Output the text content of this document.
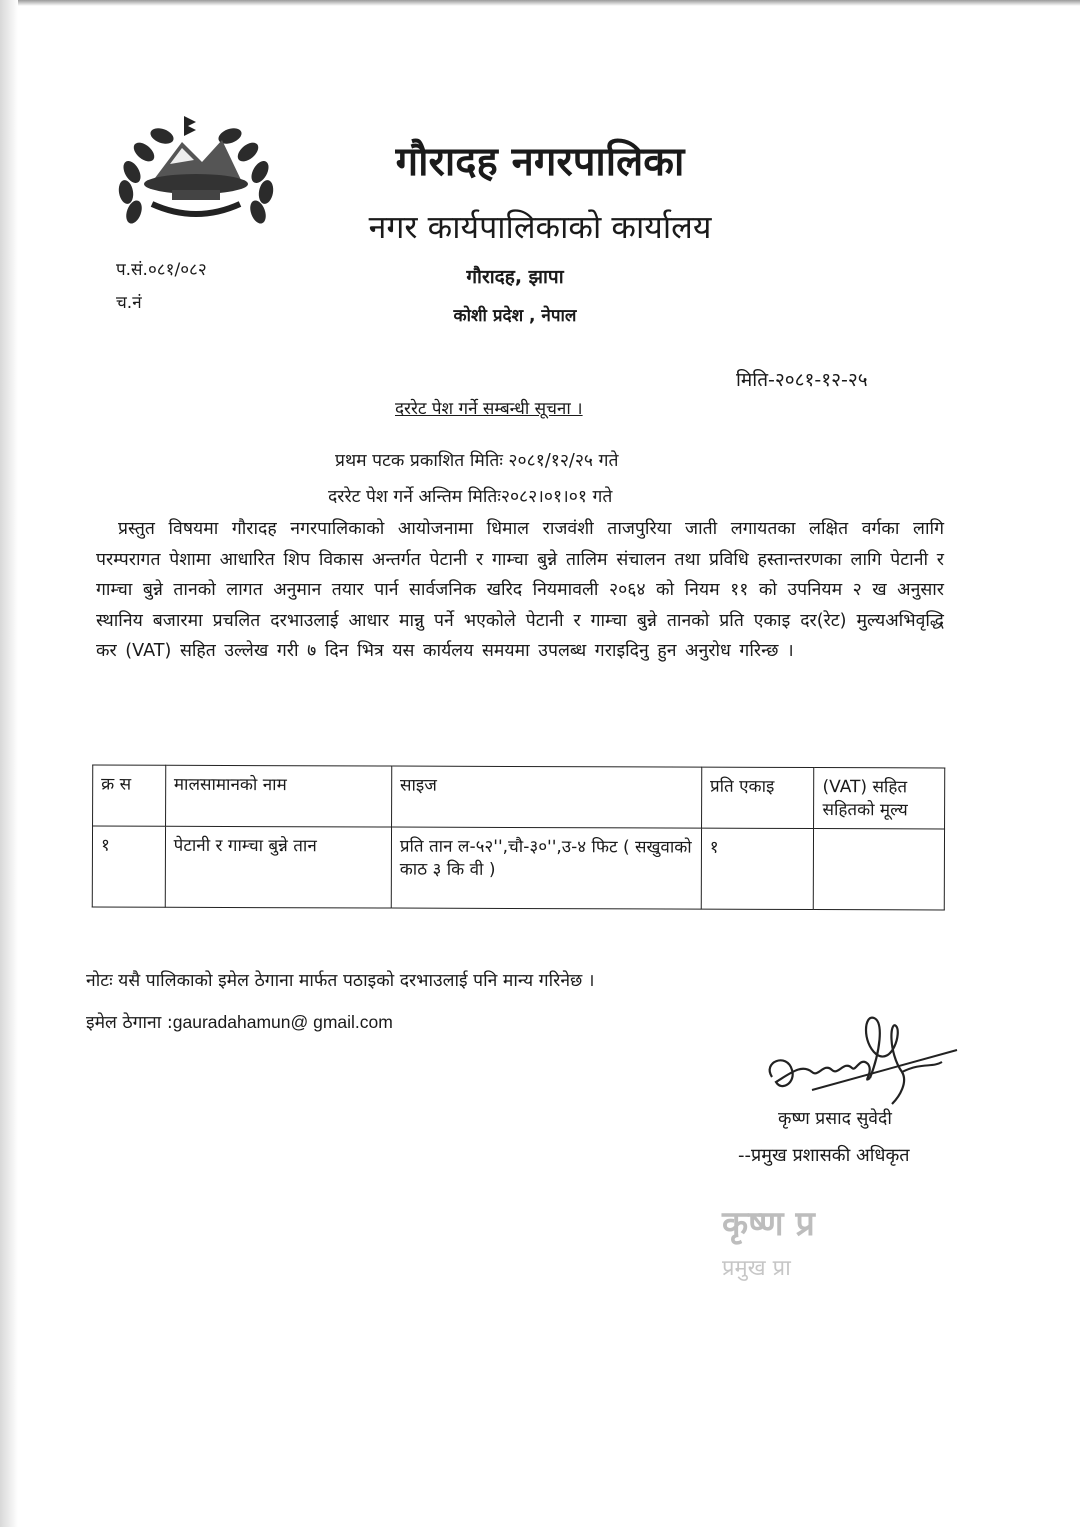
गौरादह नगरपालिका
नगर कार्यपालिकाको कार्यालय
गौरादह, झापा
कोशी प्रदेश , नेपाल
प.सं.०८१/०८२
च.नं
मिति-२०८१-१२-२५
दररेट पेश गर्ने सम्बन्धी सूचना ।
प्रथम पटक प्रकाशित मितिः २०८१/१२/२५ गते
दररेट पेश गर्ने अन्तिम मितिः२०८२।०१।०१ गते
प्रस्तुत विषयमा गौरादह नगरपालिकाको आयोजनामा धिमाल राजवंशी ताजपुरिया जाती लगायतका लक्षित वर्गका लागि परम्परागत पेशामा आधारित शिप विकास अन्तर्गत पेटानी र गाम्चा बुन्ने तालिम संचालन तथा प्रविधि हस्तान्तरणका लागि पेटानी र गाम्चा बुन्ने तानको लागत अनुमान तयार पार्न सार्वजनिक खरिद नियमावली २०६४ को नियम ११ को उपनियम २ ख अनुसार स्थानिय बजारमा प्रचलित दरभाउलाई आधार मान्नु पर्ने भएकोले पेटानी र गाम्चा बुन्ने तानको प्रति एकाइ दर(रेट) मुल्यअभिवृद्धि कर (VAT) सहित उल्लेख गरी ७ दिन भित्र यस कार्यलय समयमा उपलब्ध गराइदिनु हुन अनुरोध गरिन्छ ।
क्र स	मालसामानको नाम	साइज	प्रति एकाइ	(VAT) सहित सहितको मूल्य
१	पेटानी र गाम्चा बुन्ने तान	प्रति तान ल-५२'',चौ-३०'',उ-४ फिट ( सखुवाको काठ ३ कि वी )	१	
नोटः यसै पालिकाको इमेल ठेगाना मार्फत पठाइको दरभाउलाई पनि मान्य गरिनेछ ।
इमेल ठेगाना :gauradahamun@ gmail.com
कृष्ण प्रसाद सुवेदी
--प्रमुख प्रशासकी अधिकृत
कृष्ण प्र
प्रमुख प्रा
